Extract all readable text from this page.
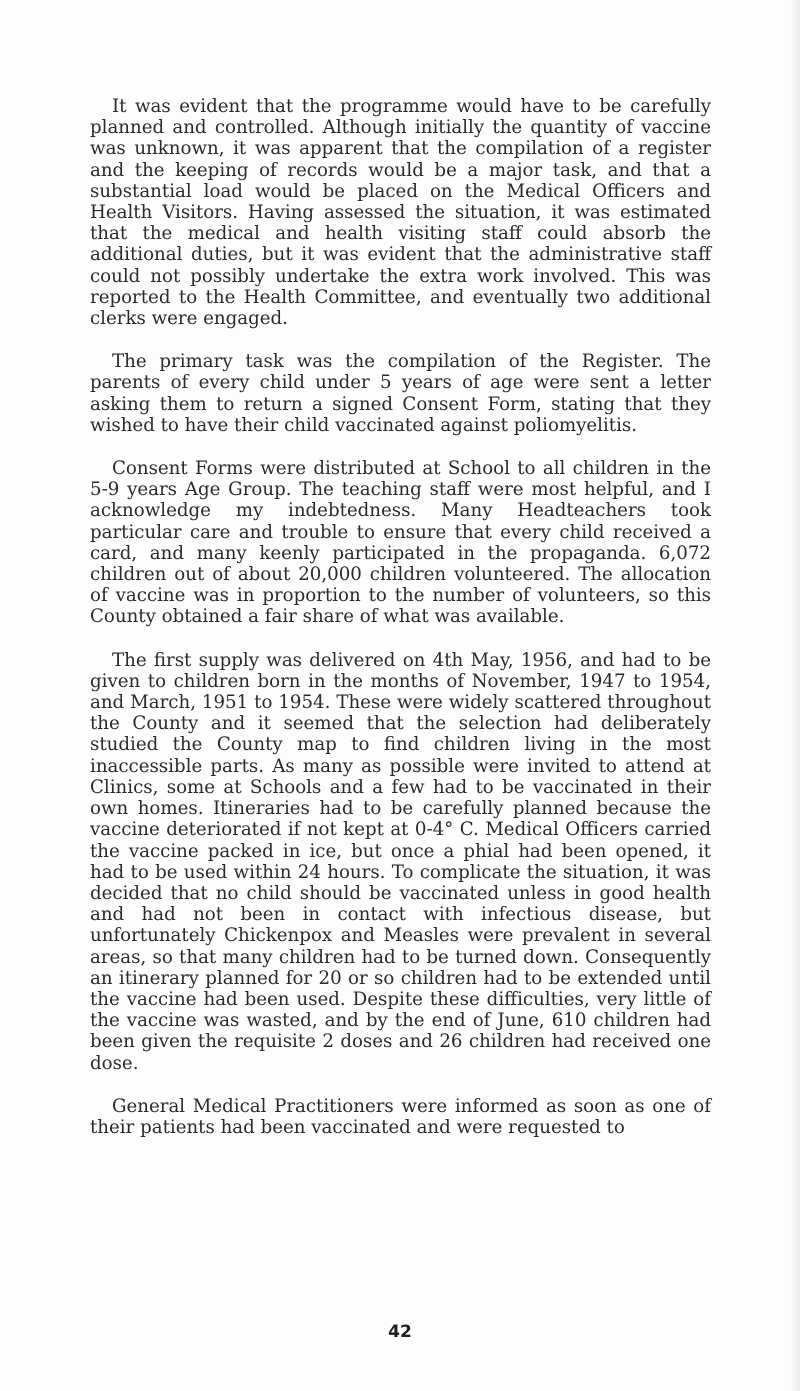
It was evident that the programme would have to be carefully planned and controlled. Although initially the quantity of vaccine was unknown, it was apparent that the compilation of a register and the keeping of records would be a major task, and that a substantial load would be placed on the Medical Officers and Health Visitors. Having assessed the situation, it was estimated that the medical and health visiting staff could absorb the additional duties, but it was evident that the administrative staff could not possibly undertake the extra work involved. This was reported to the Health Committee, and eventually two additional clerks were engaged.

The primary task was the compilation of the Register. The parents of every child under 5 years of age were sent a letter asking them to return a signed Consent Form, stating that they wished to have their child vaccinated against poliomyelitis.

Consent Forms were distributed at School to all children in the 5-9 years Age Group. The teaching staff were most helpful, and I acknowledge my indebtedness. Many Headteachers took particular care and trouble to ensure that every child received a card, and many keenly participated in the propaganda. 6,072 children out of about 20,000 children volunteered. The allocation of vaccine was in proportion to the number of volunteers, so this County obtained a fair share of what was available.

The first supply was delivered on 4th May, 1956, and had to be given to children born in the months of November, 1947 to 1954, and March, 1951 to 1954. These were widely scattered throughout the County and it seemed that the selection had deliberately studied the County map to find children living in the most inaccessible parts. As many as possible were invited to attend at Clinics, some at Schools and a few had to be vaccinated in their own homes. Itineraries had to be carefully planned because the vaccine deteriorated if not kept at 0-4° C. Medical Officers carried the vaccine packed in ice, but once a phial had been opened, it had to be used within 24 hours. To complicate the situation, it was decided that no child should be vaccinated unless in good health and had not been in contact with infectious disease, but unfortunately Chickenpox and Measles were prevalent in several areas, so that many children had to be turned down. Consequently an itinerary planned for 20 or so children had to be extended until the vaccine had been used. Despite these difficulties, very little of the vaccine was wasted, and by the end of June, 610 children had been given the requisite 2 doses and 26 children had received one dose.

General Medical Practitioners were informed as soon as one of their patients had been vaccinated and were requested to

42
